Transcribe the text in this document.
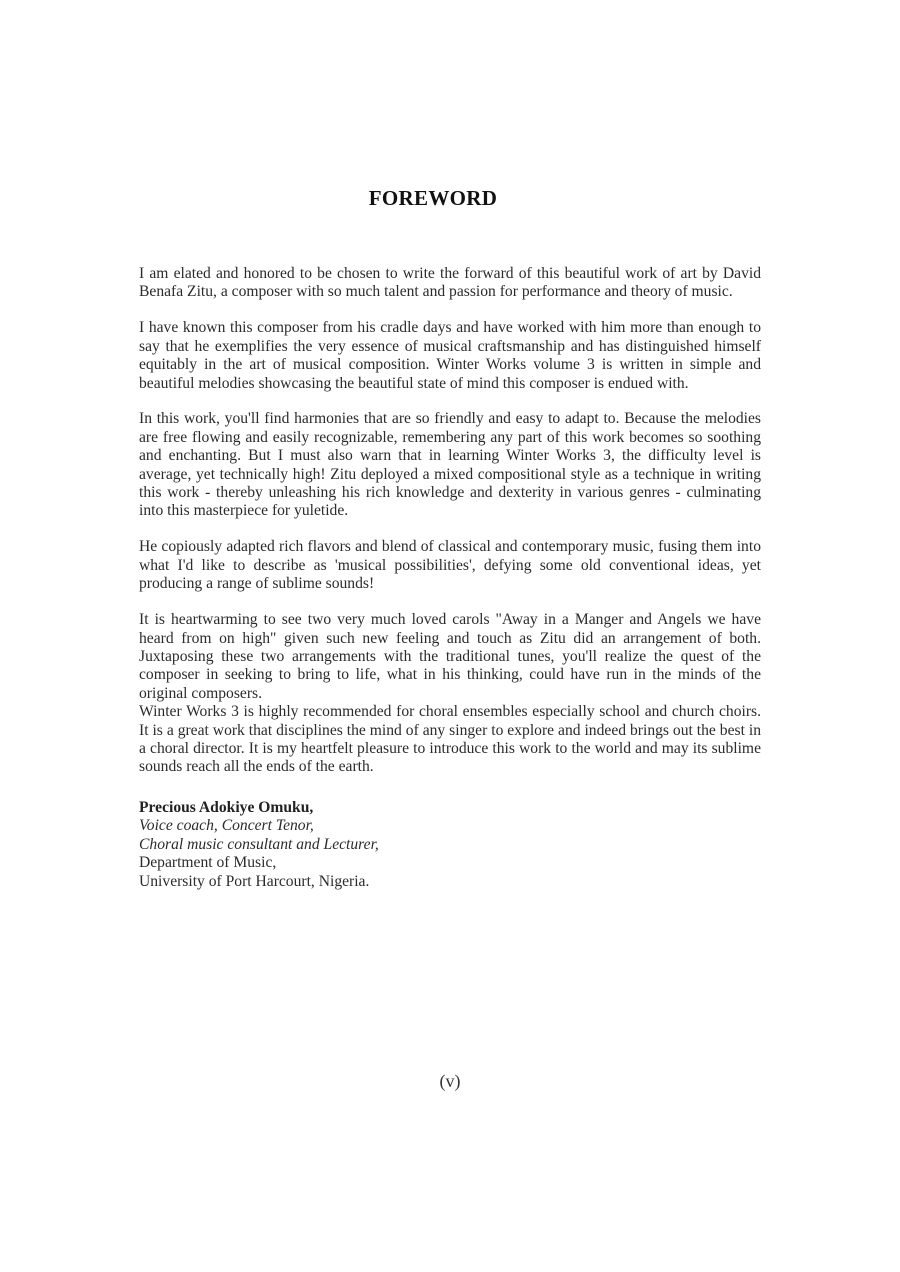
FOREWORD

I am elated and honored to be chosen to write the forward of this beautiful work of art by David Benafa Zitu, a composer with so much talent and passion for performance and theory of music.

I have known this composer from his cradle days and have worked with him more than enough to say that he exemplifies the very essence of musical craftsmanship and has distinguished himself equitably in the art of musical composition. Winter Works volume 3 is written in simple and beautiful melodies showcasing the beautiful state of mind this composer is endued with.

In this work, you'll find harmonies that are so friendly and easy to adapt to. Because the melodies are free flowing and easily recognizable, remembering any part of this work becomes so soothing and enchanting. But I must also warn that in learning Winter Works 3, the difficulty level is average, yet technically high! Zitu deployed a mixed compositional style as a technique in writing this work - thereby unleashing his rich knowledge and dexterity in various genres - culminating into this masterpiece for yuletide.

He copiously adapted rich flavors and blend of classical and contemporary music, fusing them into what I'd like to describe as 'musical possibilities', defying some old conventional ideas, yet producing a range of sublime sounds!

It is heartwarming to see two very much loved carols "Away in a Manger and Angels we have heard from on high" given such new feeling and touch as Zitu did an arrangement of both. Juxtaposing these two arrangements with the traditional tunes, you'll realize the quest of the composer in seeking to bring to life, what in his thinking, could have run in the minds of the original composers.

Winter Works 3 is highly recommended for choral ensembles especially school and church choirs. It is a great work that disciplines the mind of any singer to explore and indeed brings out the best in a choral director. It is my heartfelt pleasure to introduce this work to the world and may its sublime sounds reach all the ends of the earth.

Precious Adokiye Omuku,
Voice coach, Concert Tenor,
Choral music consultant and Lecturer,
Department of Music,
University of Port Harcourt, Nigeria.
(v)
